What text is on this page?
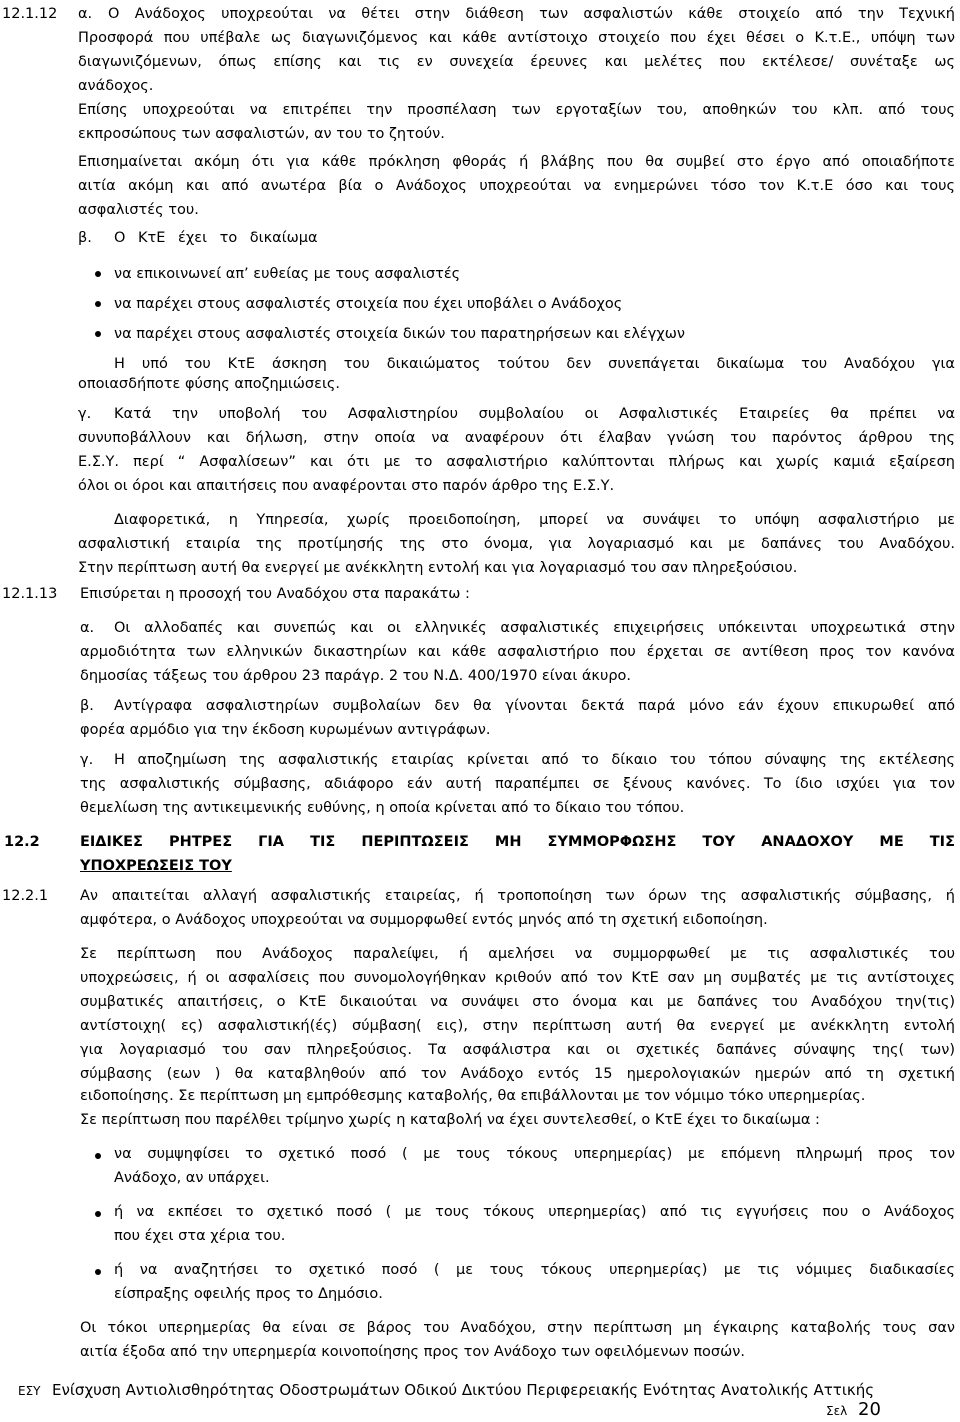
12.1.12 α. Ο Ανάδοχος υποχρεούται να θέτει στην διάθεση των ασφαλιστών κάθε στοιχείο από την Τεχνική
Προσφορά που υπέβαλε ως διαγωνιζόμενος και κάθε αντίστοιχο στοιχείο που έχει θέσει ο Κ.τ.Ε., υπόψη των
διαγωνιζόμενων, όπως επίσης και τις εν συνεχεία έρευνες και μελέτες που εκτέλεσε/ συνέταξε ως
ανάδοχος.
Επίσης υποχρεούται να επιτρέπει την προσπέλαση των εργοταξίων του, αποθηκών του κλπ. από τους
εκπροσώπους των ασφαλιστών, αν του το ζητούν.
Επισημαίνεται ακόμη ότι για κάθε πρόκληση φθοράς ή βλάβης που θα συμβεί στο έργο από οποιαδήποτε
αιτία ακόμη και από ανωτέρα βία ο Ανάδοχος υποχρεούται να ενημερώνει τόσο τον Κ.τ.Ε όσο και τους
ασφαλιστές του.
β. Ο ΚτΕ έχει το δικαίωμα
να επικοινωνεί απ’ ευθείας με τους ασφαλιστές
να παρέχει στους ασφαλιστές στοιχεία που έχει υποβάλει ο Ανάδοχος
να παρέχει στους ασφαλιστές στοιχεία δικών του παρατηρήσεων και ελέγχων
Η υπό του ΚτΕ άσκηση του δικαιώματος τούτου δεν συνεπάγεται δικαίωμα του Αναδόχου για
οποιασδήποτε φύσης αποζημιώσεις.
γ. Κατά την υποβολή του Ασφαλιστηρίου συμβολαίου οι Ασφαλιστικές Εταιρείες θα πρέπει να
συνυποβάλλουν και δήλωση, στην οποία να αναφέρουν ότι έλαβαν γνώση του παρόντος άρθρου της
Ε.Σ.Υ. περί “ Ασφαλίσεων” και ότι με το ασφαλιστήριο καλύπτονται πλήρως και χωρίς καμιά εξαίρεση
όλοι οι όροι και απαιτήσεις που αναφέρονται στο παρόν άρθρο της Ε.Σ.Υ.
Διαφορετικά, η Υπηρεσία, χωρίς προειδοποίηση, μπορεί να συνάψει το υπόψη ασφαλιστήριο με
ασφαλιστική εταιρία της προτίμησής της στο όνομα, για λογαριασμό και με δαπάνες του Αναδόχου.
Στην περίπτωση αυτή θα ενεργεί με ανέκκλητη εντολή και για λογαριασμό του σαν πληρεξούσιου.
12.1.13 Επισύρεται η προσοχή του Αναδόχου στα παρακάτω :
α. Οι αλλοδαπές και συνεπώς και οι ελληνικές ασφαλιστικές επιχειρήσεις υπόκεινται υποχρεωτικά στην
αρμοδιότητα των ελληνικών δικαστηρίων και κάθε ασφαλιστήριο που έρχεται σε αντίθεση προς τον κανόνα
δημοσίας τάξεως του άρθρου 23 παράγρ. 2 του Ν.Δ. 400/1970 είναι άκυρο.
β. Αντίγραφα ασφαλιστηρίων συμβολαίων δεν θα γίνονται δεκτά παρά μόνο εάν έχουν επικυρωθεί από
φορέα αρμόδιο για την έκδοση κυρωμένων αντιγράφων.
γ. Η αποζημίωση της ασφαλιστικής εταιρίας κρίνεται από το δίκαιο του τόπου σύναψης της εκτέλεσης
της ασφαλιστικής σύμβασης, αδιάφορο εάν αυτή παραπέμπει σε ξένους κανόνες. Το ίδιο ισχύει για τον
θεμελίωση της αντικειμενικής ευθύνης, η οποία κρίνεται από το δίκαιο του τόπου.
12.2	ΕΙΔΙΚΕΣ ΡΗΤΡΕΣ ΓΙΑ ΤΙΣ ΠΕΡΙΠΤΩΣΕΙΣ ΜΗ ΣΥΜΜΟΡΦΩΣΗΣ ΤΟΥ ΑΝΑΔΟΧΟΥ ΜΕ ΤΙΣ
ΥΠΟΧΡΕΩΣΕΙΣ ΤΟΥ
12.2.1 Αν απαιτείται αλλαγή ασφαλιστικής εταιρείας, ή τροποποίηση των όρων της ασφαλιστικής σύμβασης, ή
αμφότερα, ο Ανάδοχος υποχρεούται να συμμορφωθεί εντός μηνός από τη σχετική ειδοποίηση.
Σε περίπτωση που Ανάδοχος παραλείψει, ή αμελήσει να συμμορφωθεί με τις ασφαλιστικές του
υποχρεώσεις, ή οι ασφαλίσεις που συνομολογήθηκαν κριθούν από τον ΚτΕ σαν μη συμβατές με τις αντίστοιχες
συμβατικές απαιτήσεις, ο ΚτΕ δικαιούται να συνάψει στο όνομα και με δαπάνες του Αναδόχου την(τις)
αντίστοιχη( ες) ασφαλιστική(ές) σύμβαση( εις), στην περίπτωση αυτή θα ενεργεί με ανέκκλητη εντολή
για λογαριασμό του σαν πληρεξούσιος. Τα ασφάλιστρα και οι σχετικές δαπάνες σύναψης της( των)
σύμβασης (εων ) θα καταβληθούν από τον Ανάδοχο εντός 15 ημερολογιακών ημερών από τη σχετική
ειδοποίησης. Σε περίπτωση μη εμπρόθεσμης καταβολής, θα επιβάλλονται με τον νόμιμο τόκο υπερημερίας.
Σε περίπτωση που παρέλθει τρίμηνο χωρίς η καταβολή να έχει συντελεσθεί, ο ΚτΕ έχει το δικαίωμα :
να συμψηφίσει το σχετικό ποσό ( με τους τόκους υπερημερίας) με επόμενη πληρωμή προς τον
Ανάδοχο, αν υπάρχει.
ή να εκπέσει το σχετικό ποσό ( με τους τόκους υπερημερίας) από τις εγγυήσεις που ο Ανάδοχος
που έχει στα χέρια του.
ή να αναζητήσει το σχετικό ποσό ( με τους τόκους υπερημερίας) με τις νόμιμες διαδικασίες
είσπραξης οφειλής προς το Δημόσιο.
Οι τόκοι υπερημερίας θα είναι σε βάρος του Αναδόχου, στην περίπτωση μη έγκαιρης καταβολής τους σαν
αιτία έξοδα από την υπερημερία κοινοποίησης προς τον Ανάδοχο των οφειλόμενων ποσών.
ΕΣΥ Ενίσχυση Αντιολισθηρότητας Οδοστρωμάτων Οδικού Δικτύου Περιφερειακής Ενότητας Ανατολικής Αττικής
Σελ 20
